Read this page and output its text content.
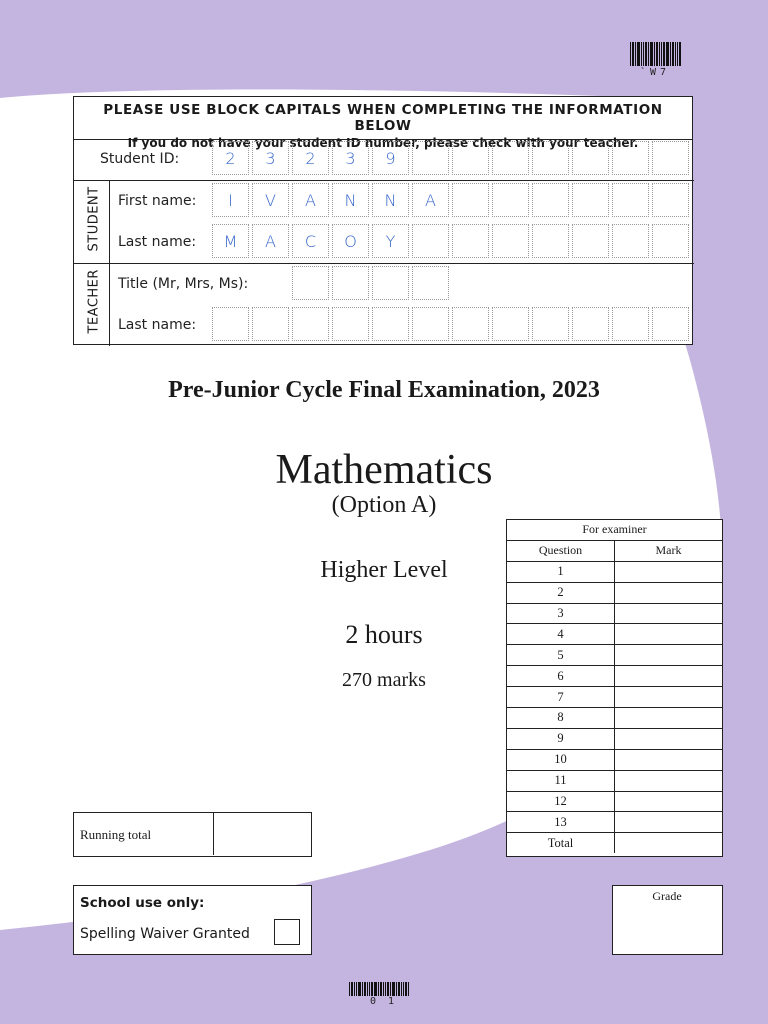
`W7
PLEASE USE BLOCK CAPITALS WHEN COMPLETING THE INFORMATION BELOW
If you do not have your student ID number, please check with your teacher.
Student ID:	2	3	2	3	9
STUDENT First name:	I	V	A	N	N	A
Last name:	M	A	C	O	Y
TEACHER Title (Mr, Mrs, Ms):
Last name:
Pre-Junior Cycle Final Examination, 2023
Mathematics
(Option A)
Higher Level
2 hours
270 marks
For examiner	
Question	Mark
1	
2	
3	
4	
5	
6	
7	
8	
9	
10	
11	
12	
13	
Total	
Running total
School use only:
Spelling Waiver Granted
Grade
01
